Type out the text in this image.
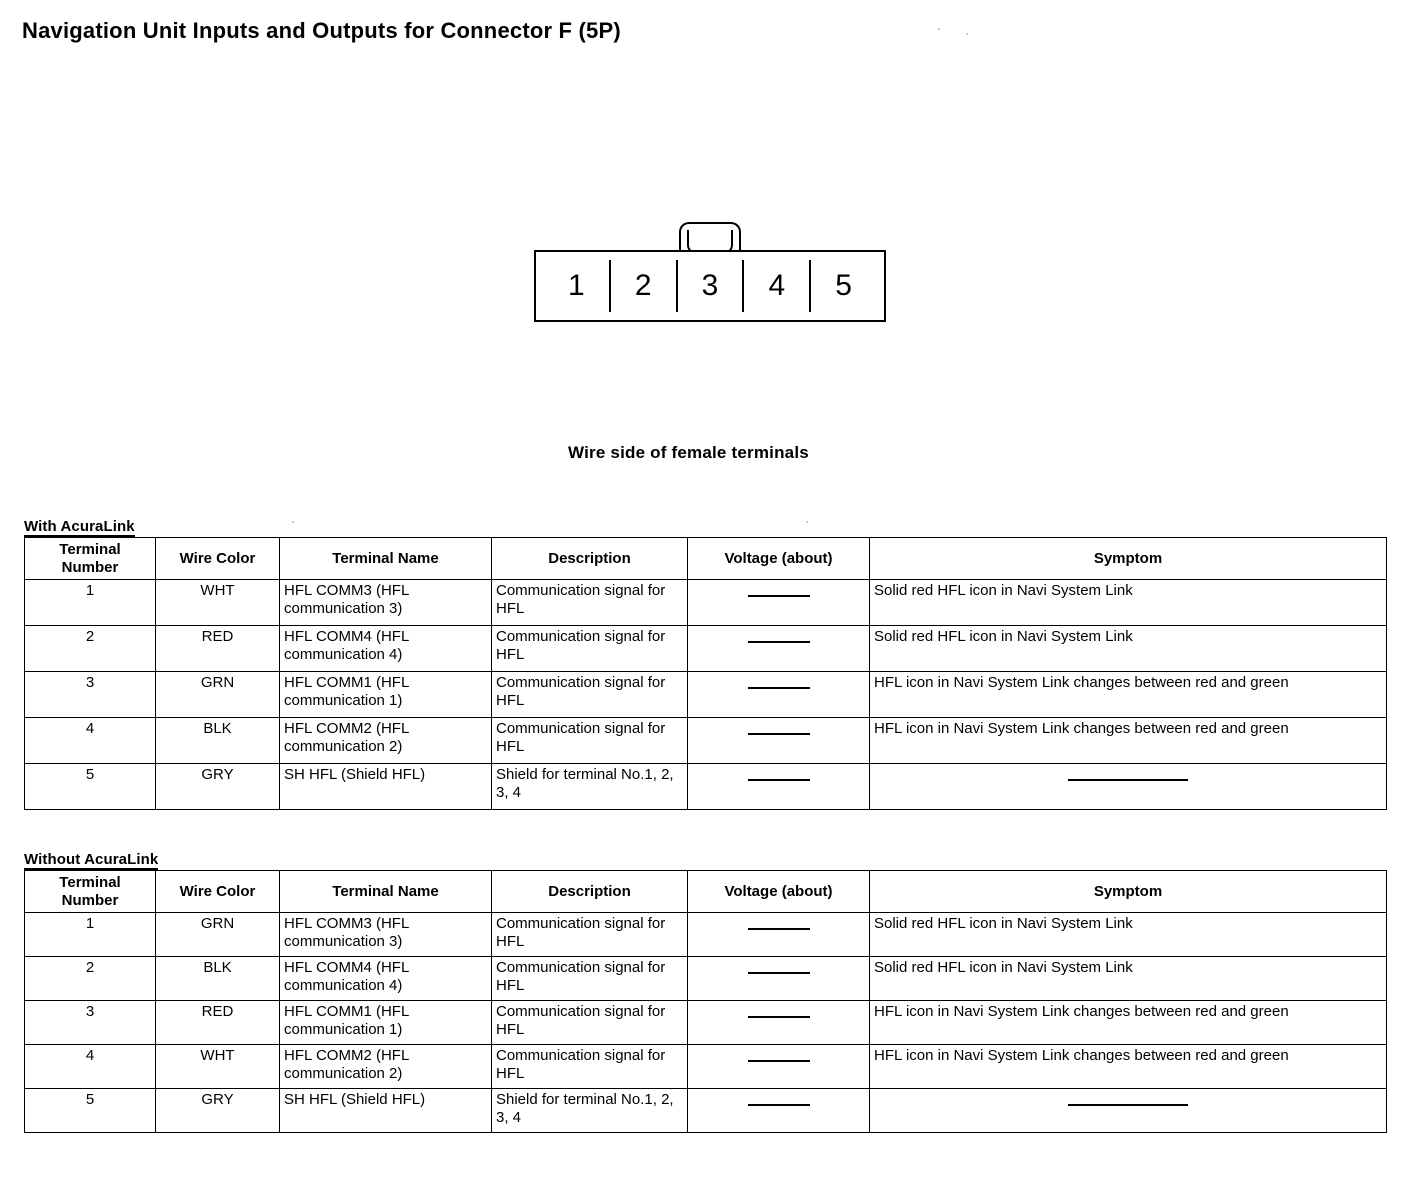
Navigation Unit Inputs and Outputs for Connector F (5P)
1	2	3	4	5
Wire side of female terminals
With AcuraLink
Terminal
Number	Wire Color	Terminal Name	Description	Voltage (about)	Symptom
1	WHT	HFL COMM3 (HFL communication 3)	Communication signal for HFL		Solid red HFL icon in Navi System Link
2	RED	HFL COMM4 (HFL communication 4)	Communication signal for HFL		Solid red HFL icon in Navi System Link
3	GRN	HFL COMM1 (HFL communication 1)	Communication signal for HFL		HFL icon in Navi System Link changes between red and green
4	BLK	HFL COMM2 (HFL communication 2)	Communication signal for HFL		HFL icon in Navi System Link changes between red and green
5	GRY	SH HFL (Shield HFL)	Shield for terminal No.1, 2, 3, 4		
Without AcuraLink
Terminal
Number	Wire Color	Terminal Name	Description	Voltage (about)	Symptom
1	GRN	HFL COMM3 (HFL communication 3)	Communication signal for HFL		Solid red HFL icon in Navi System Link
2	BLK	HFL COMM4 (HFL communication 4)	Communication signal for HFL		Solid red HFL icon in Navi System Link
3	RED	HFL COMM1 (HFL communication 1)	Communication signal for HFL		HFL icon in Navi System Link changes between red and green
4	WHT	HFL COMM2 (HFL communication 2)	Communication signal for HFL		HFL icon in Navi System Link changes between red and green
5	GRY	SH HFL (Shield HFL)	Shield for terminal No.1, 2, 3, 4		
